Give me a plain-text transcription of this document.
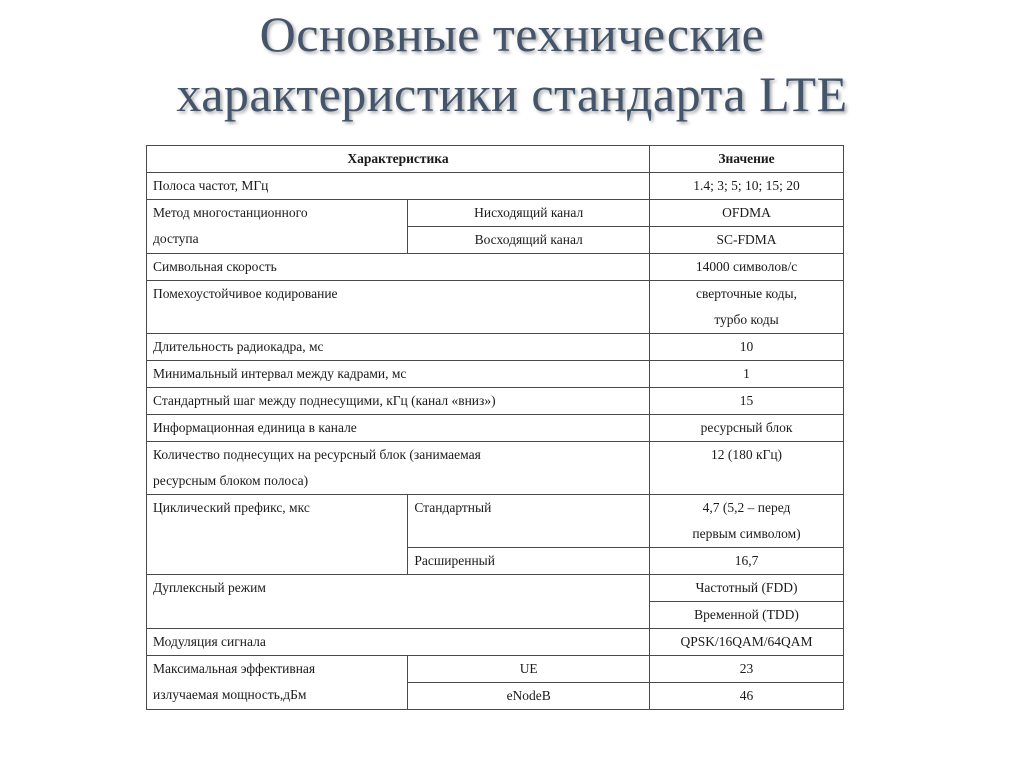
Основные технические
характеристики стандарта LTE
Характеристика		Значение
Полоса частот, МГц		1.4; 3; 5; 10; 15; 20

Метод многостанционного
доступа	Нисходящий канал	OFDMA
	Восходящий канал	SC-FDMA
Символьная скорость		14000 символов/с
Помехоустойчивое кодирование		сверточные коды,
турбо коды

Длительность радиокадра, мс		10
Минимальный интервал между кадрами, мс		1
Стандартный шаг между поднесущими, кГц (канал «вниз»)		15
Информационная единица в канале		ресурсный блок

Количество поднесущих на ресурсный блок (занимаемая
ресурсным блоком полоса)		12 (180 кГц)
Циклический префикс, мкс	Стандартный	4,7 (5,2 – перед
первым символом)

	Расширенный	16,7
Дуплексный режим		Частотный (FDD)
		Временной (TDD)
Модуляция сигнала		QPSK/16QAM/64QAM

Максимальная эффективная
излучаемая мощность,дБм	UE	23
	eNodeB	46
